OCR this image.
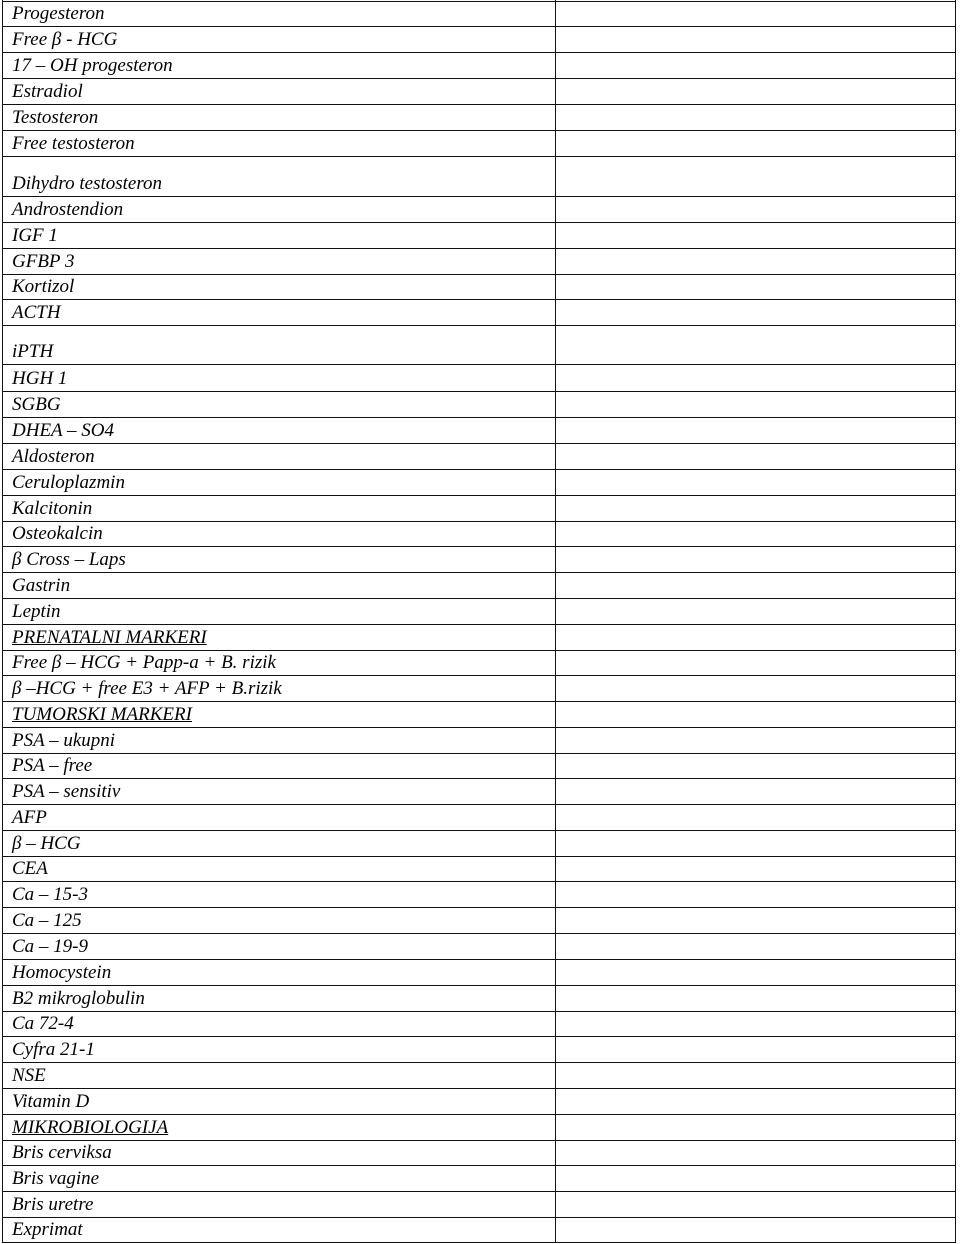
Progesteron
Free β - HCG
17 – OH progesteron
Estradiol
Testosteron
Free testosteron
Dihydro testosteron
Androstendion
IGF 1
GFBP 3
Kortizol
ACTH
iPTH
HGH 1
SGBG
DHEA – SO4
Aldosteron
Ceruloplazmin
Kalcitonin
Osteokalcin
β Cross – Laps
Gastrin
Leptin
PRENATALNI MARKERI
Free β – HCG + Papp-a + B. rizik
β –HCG + free E3 + AFP + B.rizik
TUMORSKI MARKERI
PSA – ukupni
PSA – free
PSA – sensitiv
AFP
β – HCG
CEA
Ca – 15-3
Ca – 125
Ca – 19-9
Homocystein
B2 mikroglobulin
Ca 72-4
Cyfra 21-1
NSE
Vitamin D
MIKROBIOLOGIJA
Bris cerviksa
Bris vagine
Bris uretre
Exprimat
